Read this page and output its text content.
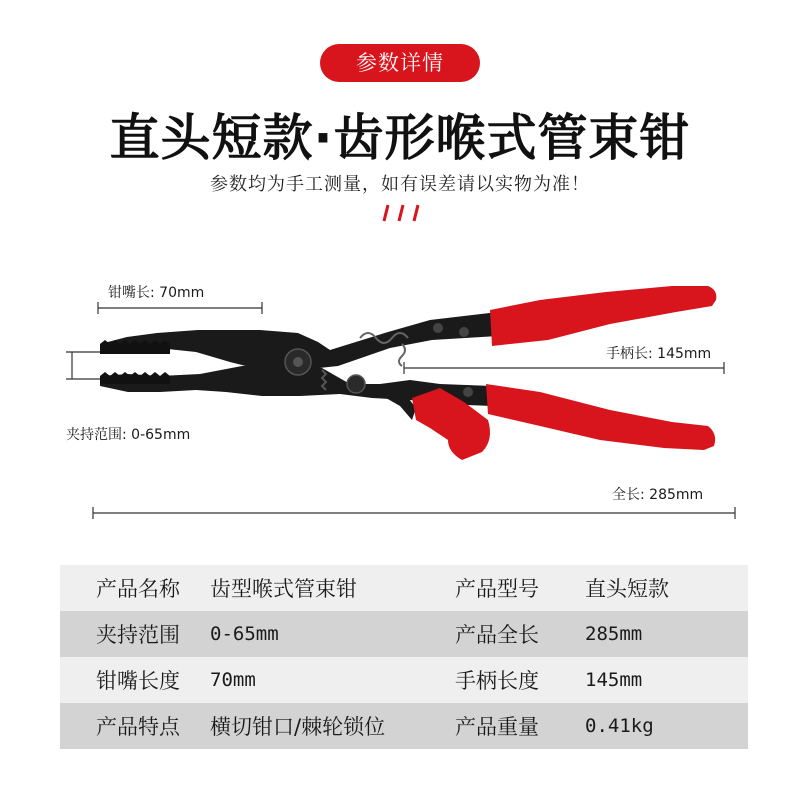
参数详情
直头短款·齿形喉式管束钳
参数均为手工测量，如有误差请以实物为准！
钳嘴长: 70mm
手柄长: 145mm
夹持范围: 0-65mm
全长: 285mm
产品名称	齿型喉式管束钳	产品型号	直头短款
夹持范围	0-65mm	产品全长	285mm
钳嘴长度	70mm	手柄长度	145mm
产品特点	横切钳口/棘轮锁位	产品重量	0.41kg
